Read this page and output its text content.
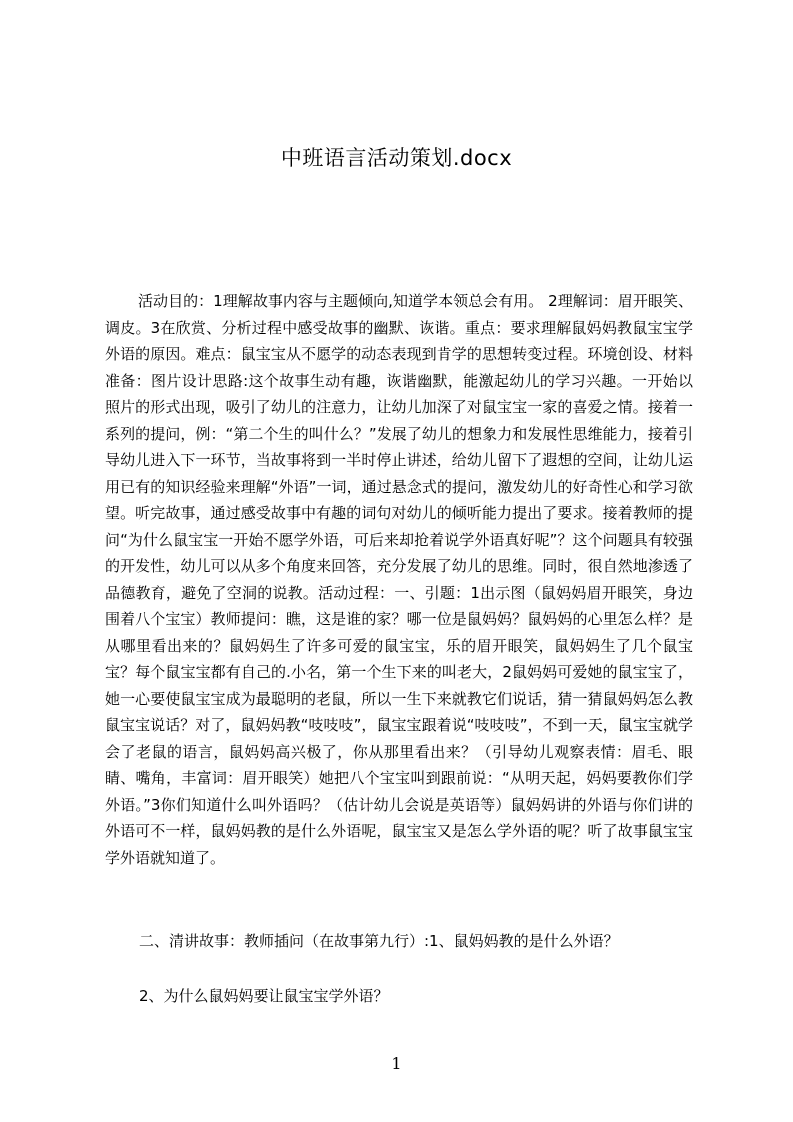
中班语言活动策划.docx

活动目的：1理解故事内容与主题倾向,知道学本领总会有用。 2理解词：眉开眼笑、调皮。3在欣赏、分析过程中感受故事的幽默、诙谐。重点：要求理解鼠妈妈教鼠宝宝学外语的原因。难点：鼠宝宝从不愿学的动态表现到肯学的思想转变过程。环境创设、材料准备：图片设计思路:这个故事生动有趣，诙谐幽默，能激起幼儿的学习兴趣。一开始以照片的形式出现，吸引了幼儿的注意力，让幼儿加深了对鼠宝宝一家的喜爱之情。接着一系列的提问，例：“第二个生的叫什么？”发展了幼儿的想象力和发展性思维能力，接着引导幼儿进入下一环节，当故事将到一半时停止讲述，给幼儿留下了遐想的空间，让幼儿运用已有的知识经验来理解“外语”一词，通过悬念式的提问，激发幼儿的好奇性心和学习欲望。听完故事，通过感受故事中有趣的词句对幼儿的倾听能力提出了要求。接着教师的提问“为什么鼠宝宝一开始不愿学外语，可后来却抢着说学外语真好呢”？这个问题具有较强的开发性，幼儿可以从多个角度来回答，充分发展了幼儿的思维。同时，很自然地渗透了品德教育，避免了空洞的说教。活动过程：一、引题：1出示图（鼠妈妈眉开眼笑，身边围着八个宝宝）教师提问：瞧，这是谁的家？哪一位是鼠妈妈？鼠妈妈的心里怎么样？是从哪里看出来的？鼠妈妈生了许多可爱的鼠宝宝，乐的眉开眼笑，鼠妈妈生了几个鼠宝宝？每个鼠宝宝都有自己的.小名，第一个生下来的叫老大，2鼠妈妈可爱她的鼠宝宝了，她一心要使鼠宝宝成为最聪明的老鼠，所以一生下来就教它们说话，猜一猜鼠妈妈怎么教鼠宝宝说话？对了，鼠妈妈教“吱吱吱”，鼠宝宝跟着说“吱吱吱”，不到一天，鼠宝宝就学会了老鼠的语言，鼠妈妈高兴极了，你从那里看出来？（引导幼儿观察表情：眉毛、眼睛、嘴角，丰富词：眉开眼笑）她把八个宝宝叫到跟前说：“从明天起，妈妈要教你们学外语。”3你们知道什么叫外语吗？（估计幼儿会说是英语等）鼠妈妈讲的外语与你们讲的外语可不一样，鼠妈妈教的是什么外语呢，鼠宝宝又是怎么学外语的呢？听了故事鼠宝宝学外语就知道了。

二、清讲故事：教师插问（在故事第九行）:1、鼠妈妈教的是什么外语？

2、为什么鼠妈妈要让鼠宝宝学外语？

1
